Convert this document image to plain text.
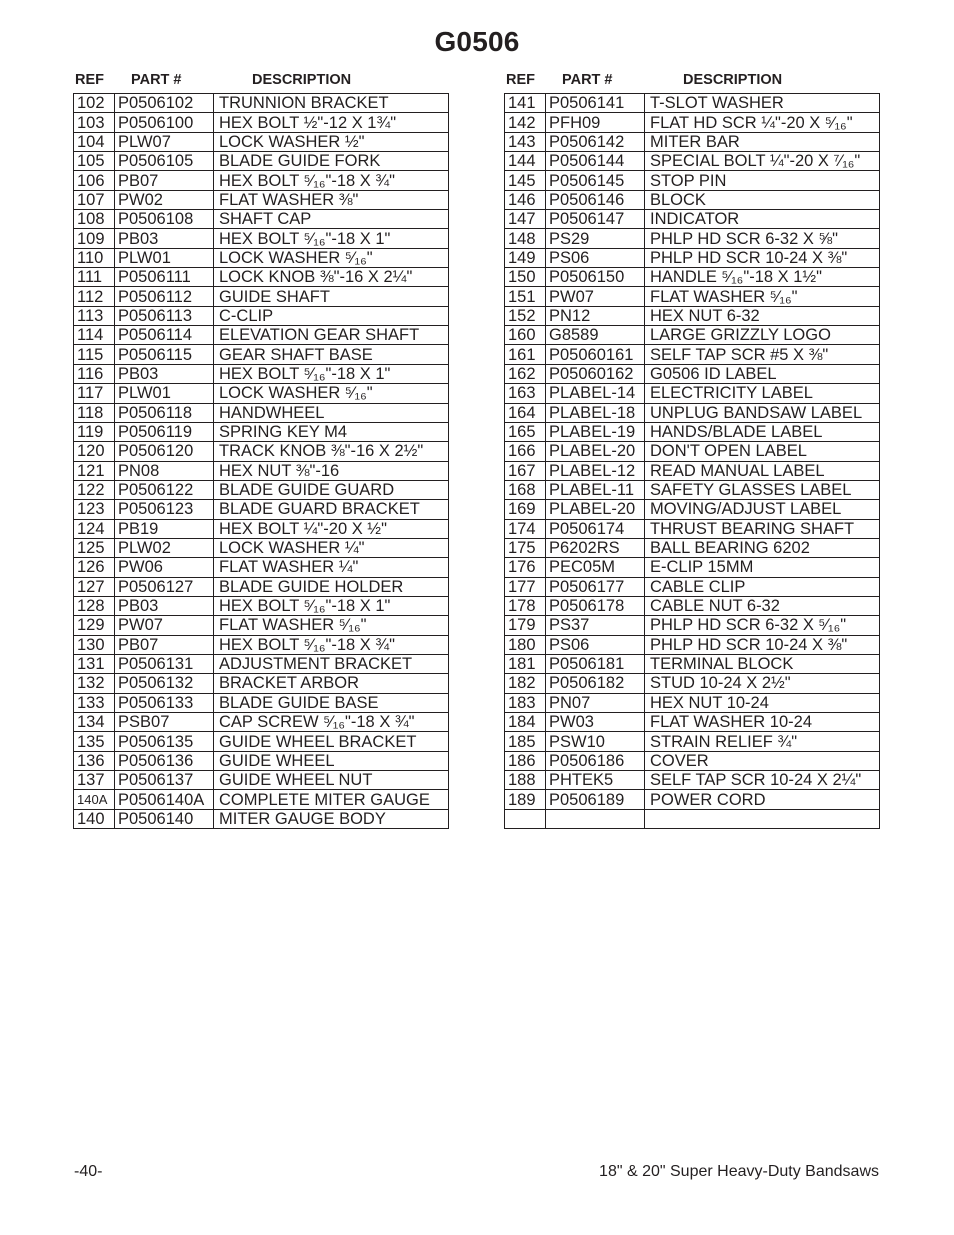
G0506
REF PART #	DESCRIPTION
102	P0506102	TRUNNION BRACKET
103	P0506100	HEX BOLT ½"-12 X 1¾"
104	PLW07	LOCK WASHER ½"
105	P0506105	BLADE GUIDE FORK
106	PB07	HEX BOLT ⁵⁄₁₆"-18 X ¾"
107	PW02	FLAT WASHER ⅜"
108	P0506108	SHAFT CAP
109	PB03	HEX BOLT ⁵⁄₁₆"-18 X 1"
110	PLW01	LOCK WASHER ⁵⁄₁₆"
111	P0506111	LOCK KNOB ⅜"-16 X 2¼"
112	P0506112	GUIDE SHAFT
113	P0506113	C-CLIP
114	P0506114	ELEVATION GEAR SHAFT
115	P0506115	GEAR SHAFT BASE
116	PB03	HEX BOLT ⁵⁄₁₆"-18 X 1"
117	PLW01	LOCK WASHER ⁵⁄₁₆"
118	P0506118	HANDWHEEL
119	P0506119	SPRING KEY M4
120	P0506120	TRACK KNOB ⅜"-16 X 2½"
121	PN08	HEX NUT ⅜"-16
122	P0506122	BLADE GUIDE GUARD
123	P0506123	BLADE GUARD BRACKET
124	PB19	HEX BOLT ¼"-20 X ½"
125	PLW02	LOCK WASHER ¼"
126	PW06	FLAT WASHER ¼"
127	P0506127	BLADE GUIDE HOLDER
128	PB03	HEX BOLT ⁵⁄₁₆"-18 X 1"
129	PW07	FLAT WASHER ⁵⁄₁₆"
130	PB07	HEX BOLT ⁵⁄₁₆"-18 X ¾"
131	P0506131	ADJUSTMENT BRACKET
132	P0506132	BRACKET ARBOR
133	P0506133	BLADE GUIDE BASE
134	PSB07	CAP SCREW ⁵⁄₁₆"-18 X ¾"
135	P0506135	GUIDE WHEEL BRACKET
136	P0506136	GUIDE WHEEL
137	P0506137	GUIDE WHEEL NUT
140A	P0506140A	COMPLETE MITER GAUGE
140	P0506140	MITER GAUGE BODY
REF PART #	DESCRIPTION
141	P0506141	T-SLOT WASHER
142	PFH09	FLAT HD SCR ¼"-20 X ⁵⁄₁₆"
143	P0506142	MITER BAR
144	P0506144	SPECIAL BOLT ¼"-20 X ⁷⁄₁₆"
145	P0506145	STOP PIN
146	P0506146	BLOCK
147	P0506147	INDICATOR
148	PS29	PHLP HD SCR 6-32 X ⅝"
149	PS06	PHLP HD SCR 10-24 X ⅜"
150	P0506150	HANDLE ⁵⁄₁₆"-18 X 1½"
151	PW07	FLAT WASHER ⁵⁄₁₆"
152	PN12	HEX NUT 6-32
160	G8589	LARGE GRIZZLY LOGO
161	P05060161	SELF TAP SCR #5 X ⅜"
162	P05060162	G0506 ID LABEL
163	PLABEL-14	ELECTRICITY LABEL
164	PLABEL-18	UNPLUG BANDSAW LABEL
165	PLABEL-19	HANDS/BLADE LABEL
166	PLABEL-20	DON'T OPEN LABEL
167	PLABEL-12	READ MANUAL LABEL
168	PLABEL-11	SAFETY GLASSES LABEL
169	PLABEL-20	MOVING/ADJUST LABEL
174	P0506174	THRUST BEARING SHAFT
175	P6202RS	BALL BEARING 6202
176	PEC05M	E-CLIP 15MM
177	P0506177	CABLE CLIP
178	P0506178	CABLE NUT 6-32
179	PS37	PHLP HD SCR 6-32 X ⁵⁄₁₆"
180	PS06	PHLP HD SCR 10-24 X ⅜"
181	P0506181	TERMINAL BLOCK
182	P0506182	STUD 10-24 X 2½"
183	PN07	HEX NUT 10-24
184	PW03	FLAT WASHER 10-24
185	PSW10	STRAIN RELIEF ¾"
186	P0506186	COVER
188	PHTEK5	SELF TAP SCR 10-24 X 2¼"
189	P0506189	POWER CORD

-40-	18" & 20" Super Heavy-Duty Bandsaws
